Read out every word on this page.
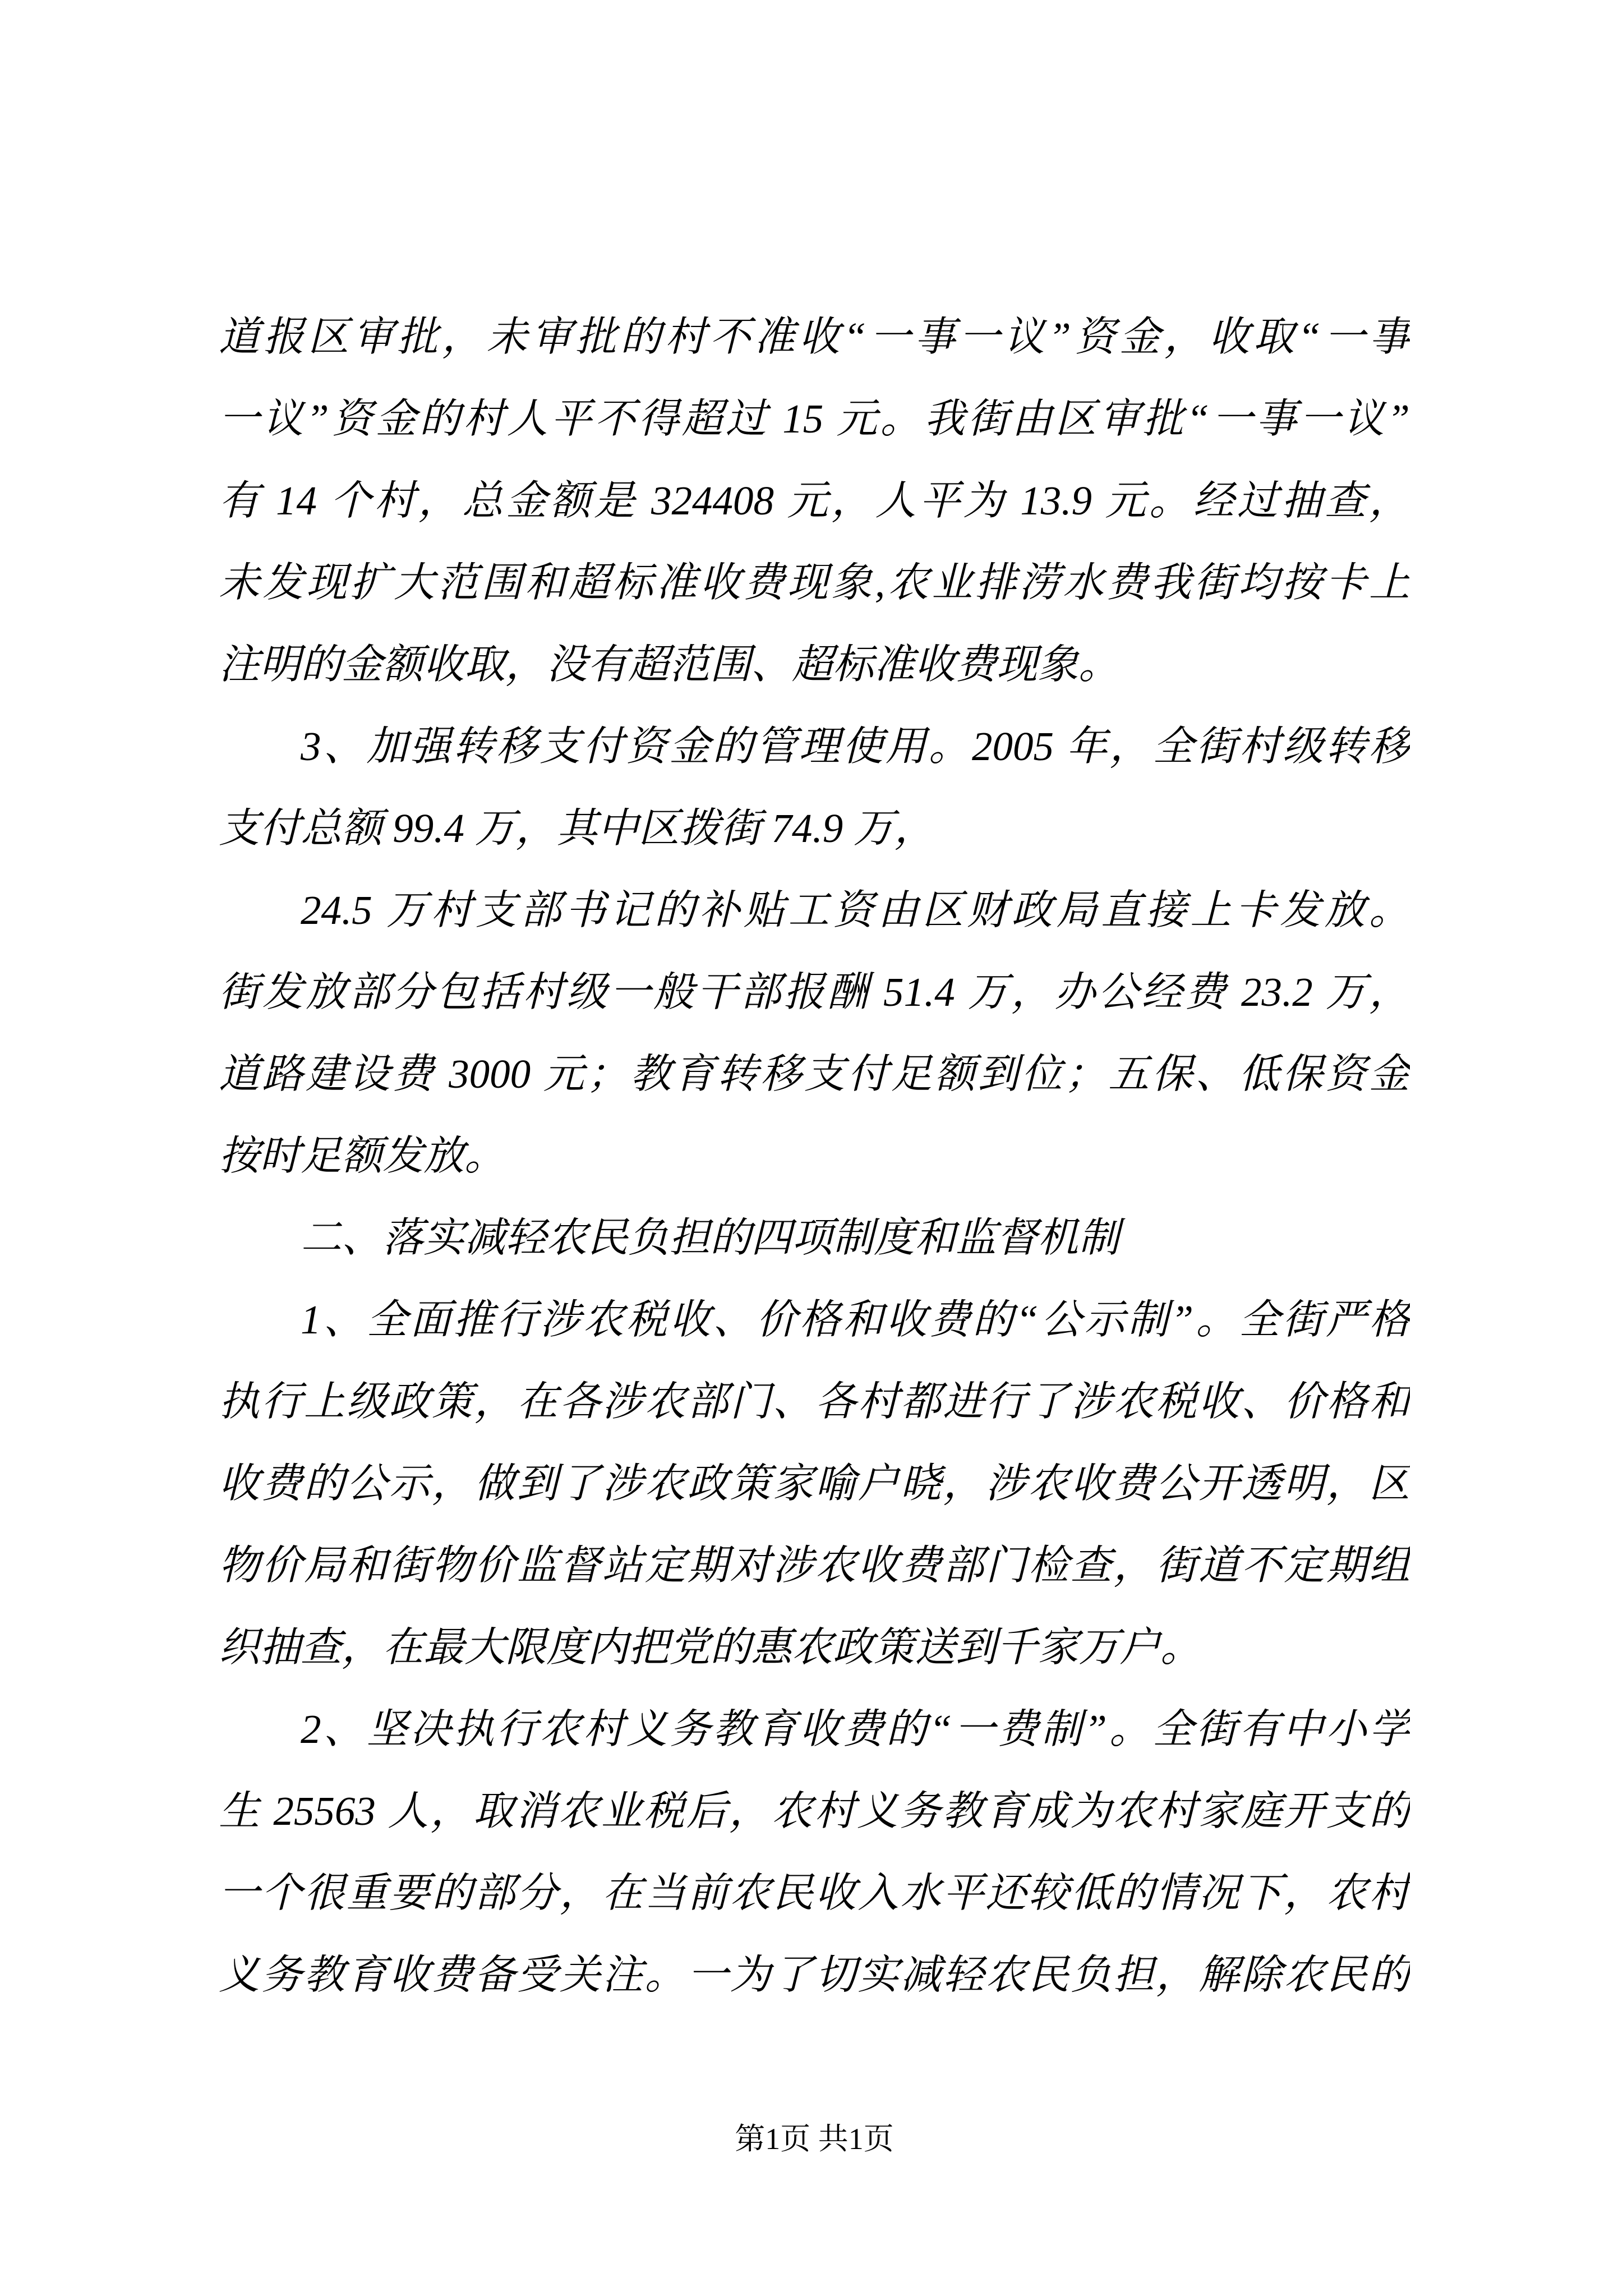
道报区审批，未审批的村不准收“一事一议”资金，收取“一事
一议”资金的村人平不得超过 15 元。我街由区审批“一事一议”
有 14 个村，总金额是 324408 元，人平为 13.9 元。经过抽查，
未发现扩大范围和超标准收费现象,农业排涝水费我街均按卡上
注明的金额收取，没有超范围、超标准收费现象。
3、加强转移支付资金的管理使用。2005 年，全街村级转移
支付总额 99.4 万，其中区拨街 74.9 万，
24.5 万村支部书记的补贴工资由区财政局直接上卡发放。
街发放部分包括村级一般干部报酬 51.4 万，办公经费 23.2 万，
道路建设费 3000 元；教育转移支付足额到位；五保、低保资金
按时足额发放。
二、落实减轻农民负担的四项制度和监督机制
1、全面推行涉农税收、价格和收费的“公示制”。全街严格
执行上级政策，在各涉农部门、各村都进行了涉农税收、价格和
收费的公示，做到了涉农政策家喻户晓，涉农收费公开透明，区
物价局和街物价监督站定期对涉农收费部门检查，街道不定期组
织抽查，在最大限度内把党的惠农政策送到千家万户。
2、坚决执行农村义务教育收费的“一费制”。全街有中小学
生 25563 人，取消农业税后，农村义务教育成为农村家庭开支的
一个很重要的部分，在当前农民收入水平还较低的情况下，农村
义务教育收费备受关注。一为了切实减轻农民负担，解除农民的
第1页 共1页
